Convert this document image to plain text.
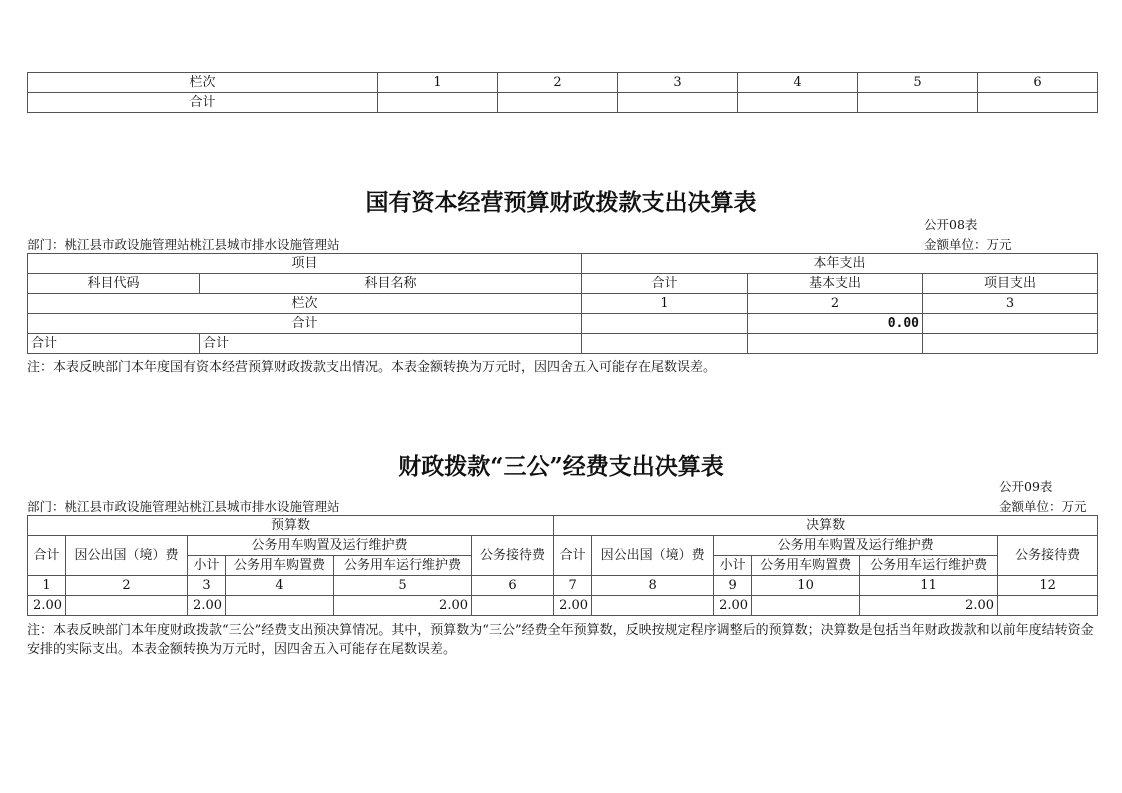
栏次	1	2	3	4	5	6
合计						
国有资本经营预算财政拨款支出决算表
公开08表
部门：桃江县市政设施管理站桃江县城市排水设施管理站	金额单位：万元
项目		本年支出		
科目代码	科目名称	合计	基本支出	项目支出
栏次		1	2	3
合计			0.00	
合计	合计			
注：本表反映部门本年度国有资本经营预算财政拨款支出情况。本表金额转换为万元时，因四舍五入可能存在尾数误差。
财政拨款“三公”经费支出决算表
公开09表
部门：桃江县市政设施管理站桃江县城市排水设施管理站	金额单位：万元
预算数						决算数					
合计	因公出国（境）费	公务用车购置及运行维护费			公务接待费	合计	因公出国（境）费	公务用车购置及运行维护费			公务接待费
		小计	公务用车购置费	公务用车运行维护费				小计	公务用车购置费	公务用车运行维护费	
1	2	3	4	5	6	7	8	9	10	11	12
2.00		2.00		2.00		2.00		2.00		2.00	
注：本表反映部门本年度财政拨款“三公”经费支出预决算情况。其中，预算数为“三公”经费全年预算数，反映按规定程序调整后的预算数；决算数是包括当年财政拨款和以前年度结转资金安排的实际支出。本表金额转换为万元时，因四舍五入可能存在尾数误差。
